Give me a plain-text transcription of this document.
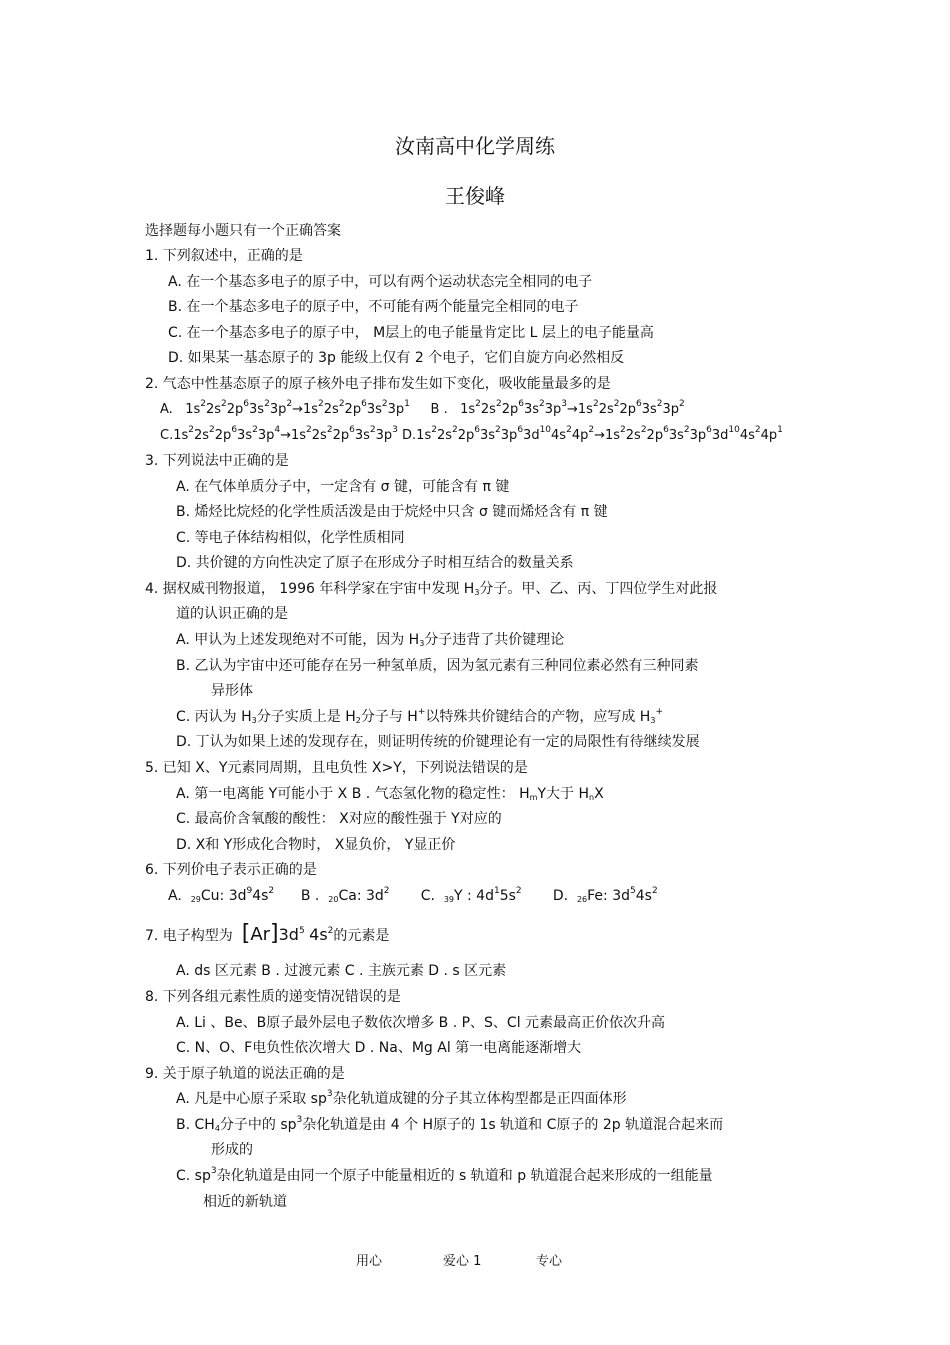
汝南高中化学周练
王俊峰
选择题每小题只有一个正确答案
1. 下列叙述中，正确的是
A. 在一个基态多电子的原子中，可以有两个运动状态完全相同的电子
B. 在一个基态多电子的原子中，不可能有两个能量完全相同的电子
C. 在一个基态多电子的原子中， M层上的电子能量肯定比 L 层上的电子能量高
D. 如果某一基态原子的 3p 能级上仅有 2 个电子，它们自旋方向必然相反
2. 气态中性基态原子的原子核外电子排布发生如下变化，吸收能量最多的是
A.   $1s^22s^22p^63s^23p^2\to 1s^22s^22p^63s^23p^1$ B .   $1s^22s^22p^63s^23p^3\to 1s^22s^22p^63s^23p^2$
$C.1s^22s^22p^63s^23p^4\to 1s^22s^22p^63s^23p^3$ $D.1s^22s^22p^63s^23p^63d^{10}4s^24p^2\to 1s^22s^22p^63s^23p^63d^{10}4s^24p^1$
3. 下列说法中正确的是
A. 在气体单质分子中，一定含有 σ 键，可能含有 π 键
B. 烯烃比烷烃的化学性质活泼是由于烷烃中只含 σ 键而烯烃含有 π 键
C. 等电子体结构相似，化学性质相同
D. 共价键的方向性决定了原子在形成分子时相互结合的数量关系
4. 据权威刊物报道， 1996 年科学家在宇宙中发现 $H_3$分子。甲、乙、丙、丁四位学生对此报
道的认识正确的是
A. 甲认为上述发现绝对不可能，因为 $H_3$分子违背了共价键理论
B. 乙认为宇宙中还可能存在另一种氢单质，因为氢元素有三种同位素必然有三种同素
异形体
C. 丙认为 $H_3$分子实质上是 $H_2$分子与 H+以特殊共价键结合的产物，应写成 $H_3^+$
D. 丁认为如果上述的发现存在，则证明传统的价键理论有一定的局限性有待继续发展
5. 已知 X、Y元素同周期，且电负性 X>Y，下列说法错误的是
A. 第一电离能 Y可能小于 X B . 气态氢化物的稳定性： $H_mY$大于 $H_nX$
C. 最高价含氧酸的酸性： X对应的酸性强于 Y对应的
D. X和 Y形成化合物时， X显负价， Y显正价
6. 下列价电子表示正确的是
A. $_{29}$Cu: $3d^94s^2$ B . $_{20}$Ca: $3d^2$ C. $_{39}$Y : $4d^15s^2$ D. $_{26}$Fe: $3d^54s^2$
7. 电子构型为 $[Ar]3d^5$ $4s^2$的元素是
A. ds 区元素 B . 过渡元素 C . 主族元素 D . s 区元素
8. 下列各组元素性质的递变情况错误的是
A. Li 、Be、B原子最外层电子数依次增多 B . P、S、Cl 元素最高正价依次升高
C. N、O、F电负性依次增大 D . Na、Mg Al 第一电离能逐渐增大
9. 关于原子轨道的说法正确的是
A. 凡是中心原子采取 $sp^3$杂化轨道成键的分子其立体构型都是正四面体形
B. $CH_4$分子中的 $sp^3$杂化轨道是由 4 个 H原子的 1s 轨道和 C原子的 2p 轨道混合起来而
形成的
C. $sp^3$杂化轨道是由同一个原子中能量相近的 s 轨道和 p 轨道混合起来形成的一组能量
相近的新轨道
用心	爱心 1	专心
